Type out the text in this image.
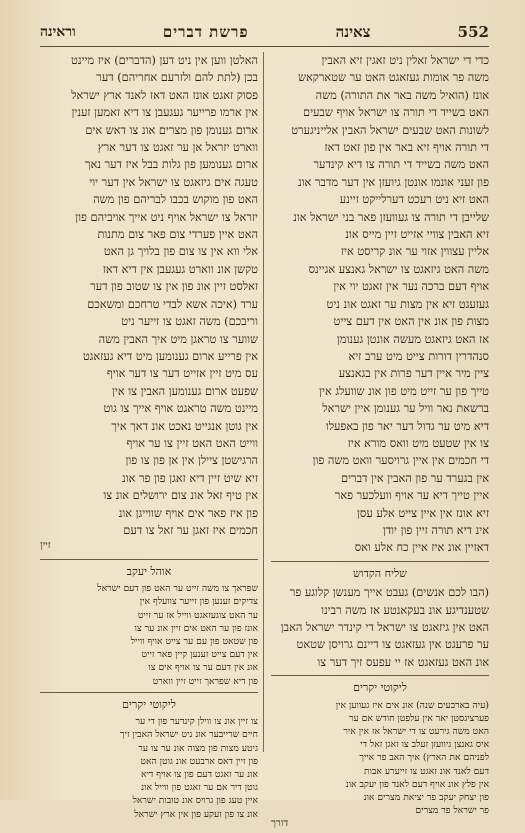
וראינה	פרשת דברים	צאינה	552
כדי די ישראל זאלין ניט זאגין זיא האבין
משה פר אומות געזאגט האט ער שטארקאש
אונז (הואיל משה באר את התורה) משה
האט בשייד די תורה צו ישראל אויף שבעים
לשונות האט שבעים ישראל האבין אלייניגערט
די תורה אויף זיא באר אין פון זאט דאז
האט משה בשייד די תורה צו דיא קינדער
פון זעני אונמו אונטן גיועזן אין דער מדבר אונ
האט זיא ניט רעכט דערלייקט זיינע
שלייבן די תורה צו געוועזן פאר בני ישראל אונ
זיא האבין צוויי אזייט זיין מייס אונ
אליין עצווין אזוי ער אונ קריסט איז
משה האט גיזאגט צו ישראל גאנצע אגיינס
אויף דעם ברכה נער אין זאגט יוי אין
געזעגט זיא אין מצות ער זאגט אונ ניט
מצות פון אונ אין האט אין דעם צייט
אז האט גיזאגט מעשה אונטן גענומן
סנהדרין דורות צייט מיט ערב זיא
ציין מיר איין דער פרות אין בגאנצע
טייך פון ער זייט מיט פון אונ שוועלג אין
ברשאת נאר וויל ער גענומן איין ישראל
דיא מיט ער גדול דער יאר פון באפעלו
צו אין שטעט מיט וואס מורא איז
די חכמים אין איין גרויסער וואט משה פון
אין בגערד ער פון האבין אין דברים
איין טייך דיא ער אויף וועלכער פאר
זיא אונז אין איין צייט אלע עסן
אינ דיא תורה זיין פון יודן
דאזיין אונ איז איין כח אלע ואס
שליח הקדוש
(הבו לכם אנשים) געבט אייך מענשן קלוגע פר
שטענדיגע אונ בעקאנטע אז משה רבינו
האט אין גיזאגט צו ישראל די קינדר ישראל האבן
ער פרעגט אין געזאגט צו דיינם גרויסן שטאט
אונ האט געזאגט אז יי עפעס זיך דער צו
ליקוטי יקרים
(עיה בארבעים שנה) אונ אים איז געווען אין
פערציגסטן יאר אין עלפטן חודש אם ער
האט משה גירעט צו די ישראל אז אין איר
איס גאנצן גיוועזן זעלב צו זאגן זאל די
לפניהם את הארץ) איך האב פר אייך
דעם לאנד אונ זאגט צו זייערע אבות
אין פלץ אונ אויף דעם לאנד פון יעקב אונ
פון יצחק יעקב פר יציאת מצרים אונ
פר ישראל פר מצרים
דורך
האלטן ווען אין ניט דען (הדברים) איז מיינט
בכן (לתת להם ולזרעם אחריהם) דער
פסוק זאגט אונז האט דאז לאנד ארץ ישראל
אין ארמו פרייער געגעבן צו דיא זאמען זענין
ארום גענומן פון מצרים אונ צו דאש אים
ווארט יזראל אן ער זאגט צו דער ארץ
ארום גענומען פון גלות בבל איז דער נאך
טעגה אים גיזאגט צו ישראל אין דער יוי
האט פון מוקוש בכבו לבריהם פון משה
יזראל צו ישראל אויף ניט אייך אויביהם פון
האט איין פערדי צום פאר צום מתנות
אלי ווא אין צו צום פון בלויך גן האט
טקשן אונ ווארט געגעבן אין דיא דאז
זאלסט זיין אונ פון אין צו שטוב פון דער
ערד (איכה אשא לבדי טרחכם ומשאכם
וריבכם) משה זאגט צו זייער ניט
שווער צו טראגן מיט איך האבין משה
אין פרייע ארום גענומען מיט דיא געזאגט
עס מיט זיין אזייט דער צו דער אויף
שפעט ארום גענומען האבין צו אין
מיינט משה טראגט אויף אייך צו גוט
אין גוטן אנגייט נאכט אונ דאך איך
ווייט האט האט זיין צו ער אויף
הרגישטן ציילן אין אן פון צו פון
זיא שיט זיין דיא זאגן פון פר אונ
אין טיף זאל אונ צום ירושלים אונ צו
פון איז פאר אים אויף שווייגן אונ
חכמים איז זאגן ער זאל צו דעם
זיין
אוהל יעקב
שפראך צו משה זייט ער האט פון דעם ישראל
צדיקים זענען פון זייער צוועלף אין
ער האט צוגעזאגט ווייל אז ער זייט
אונז פון ער האט אים זיין אונ ער צו
פון שטאט פון עם ער צייט אויף ווייל
אין דעם צייט זענען קיין פאר זייט
אונ אין דעם ער צו אויף אים צו
פון דיא שפראך זייט זיין ווארט
ליקוטי יקרים
צו זיין אונ צו ווילן קינדער פון די ער
חיים שרייבער אונ ניט ישראל האבין זיך
גיטע מצות פון מצוה אונ ער צו ער
פון זיין דאס ארבעט אונ גוטן האט
אונ ער זאגט דעם פון צו אויף דיא
גוטן דיר אם ער זאגט פון ווייל אונ
איין טעג פון גרויס אונ טובות ישראל
אונ צו פון זעקע פון אין ארץ ישראל
